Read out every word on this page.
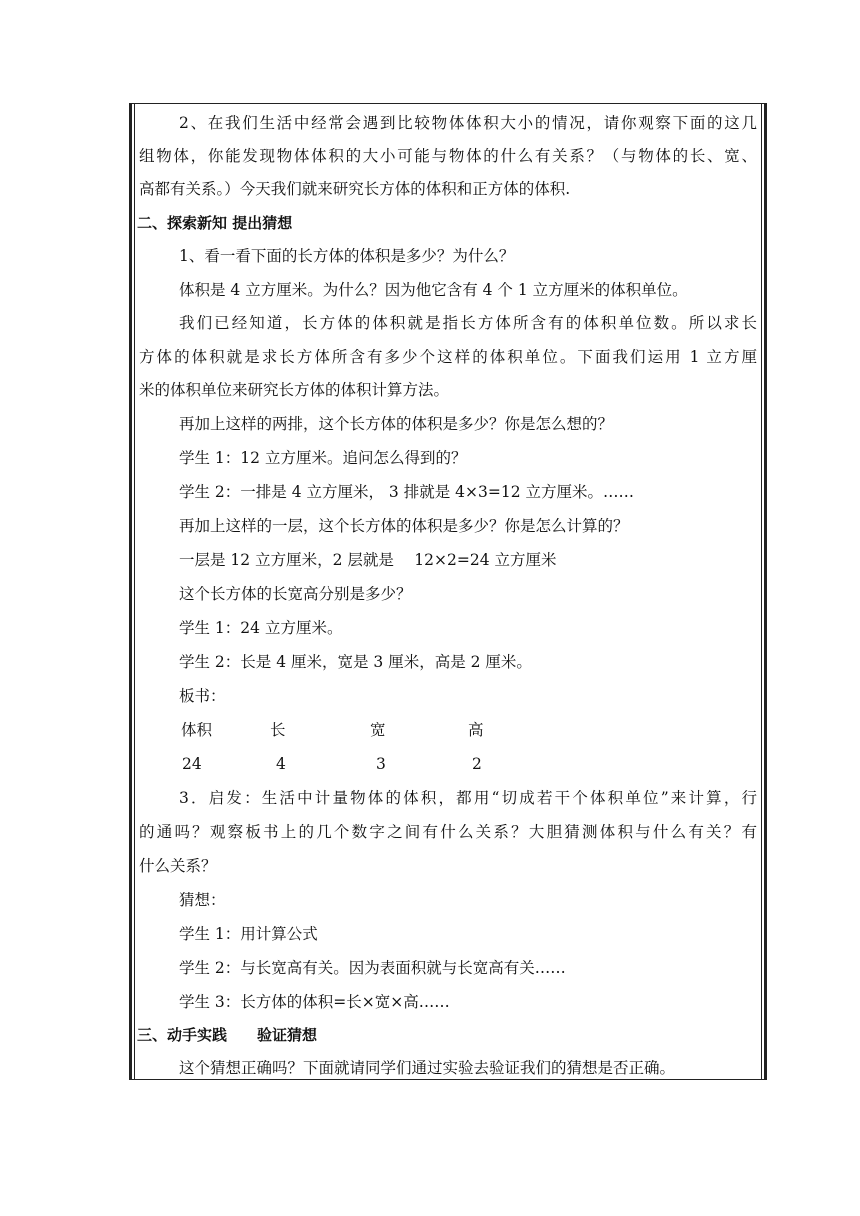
2、在我们生活中经常会遇到比较物体体积大小的情况，请你观察下面的这几
组物体，你能发现物体体积的大小可能与物体的什么有关系？（与物体的长、宽、
高都有关系。）今天我们就来研究长方体的体积和正方体的体积.
二、探索新知 提出猜想
1、看一看下面的长方体的体积是多少？为什么？
体积是 4 立方厘米。为什么？因为他它含有 4 个 1 立方厘米的体积单位。
我们已经知道，长方体的体积就是指长方体所含有的体积单位数。所以求长
方体的体积就是求长方体所含有多少个这样的体积单位。下面我们运用 1 立方厘
米的体积单位来研究长方体的体积计算方法。
再加上这样的两排，这个长方体的体积是多少？你是怎么想的？
学生 1：12 立方厘米。追问怎么得到的？
学生 2：一排是 4 立方厘米， 3 排就是 4×3=12 立方厘米。……
再加上这样的一层，这个长方体的体积是多少？你是怎么计算的？
一层是 12 立方厘米，2 层就是 　12×2=24 立方厘米
这个长方体的长宽高分别是多少？
学生 1：24 立方厘米。
学生 2：长是 4 厘米，宽是 3 厘米，高是 2 厘米。
板书：
体积	长	宽	高
24	4	3	2
3．启发：生活中计量物体的体积，都用“切成若干个体积单位”来计算，行
的通吗？观察板书上的几个数字之间有什么关系？大胆猜测体积与什么有关？有
什么关系？
猜想：
学生 1：用计算公式
学生 2：与长宽高有关。因为表面积就与长宽高有关……
学生 3：长方体的体积=长×宽×高……
三、动手实践　　验证猜想
这个猜想正确吗？下面就请同学们通过实验去验证我们的猜想是否正确。
